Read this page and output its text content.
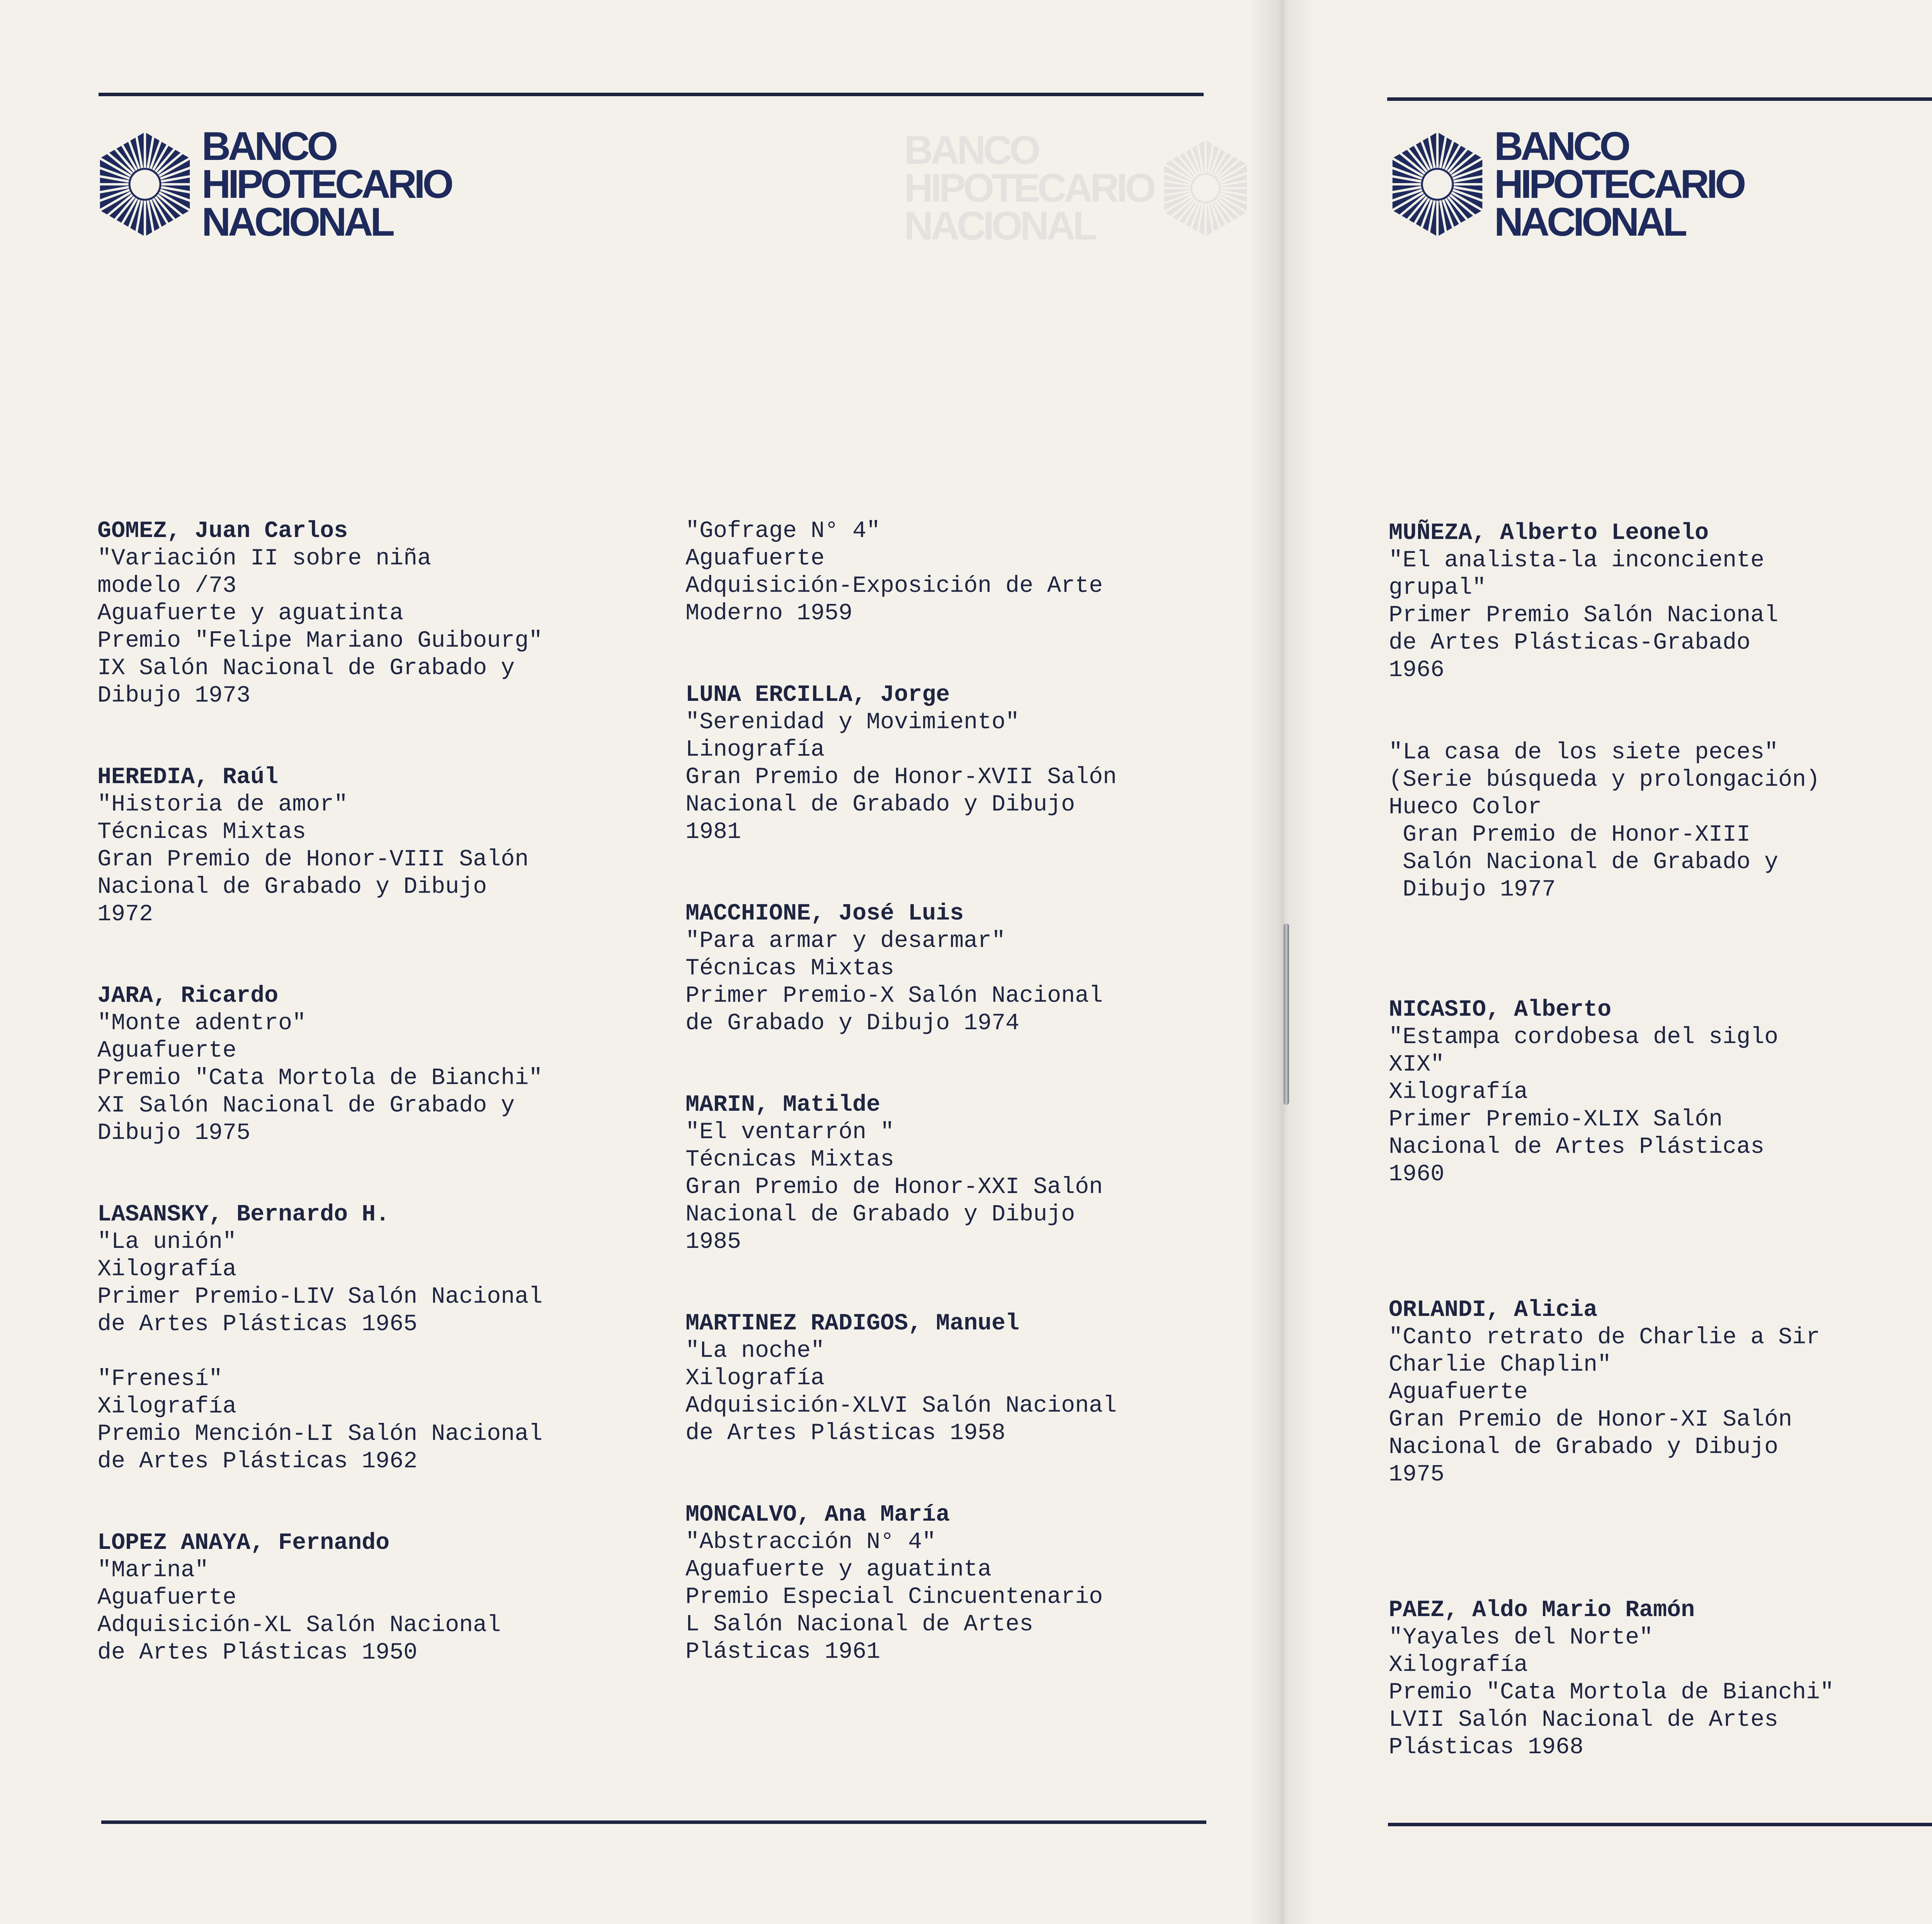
BANCO
HIPOTECARIO
NACIONAL
BANCO
HIPOTECARIO
NACIONAL
BANCO
HIPOTECARIO
NACIONAL
GOMEZ, Juan Carlos
"Variación II sobre niña
modelo /73
Aguafuerte y aguatinta
Premio "Felipe Mariano Guibourg"
IX Salón Nacional de Grabado y
Dibujo 1973
HEREDIA, Raúl
"Historia de amor"
Técnicas Mixtas
Gran Premio de Honor-VIII Salón
Nacional de Grabado y Dibujo
1972
JARA, Ricardo
"Monte adentro"
Aguafuerte
Premio "Cata Mortola de Bianchi"
XI Salón Nacional de Grabado y
Dibujo 1975
LASANSKY, Bernardo H.
"La unión"
Xilografía
Primer Premio-LIV Salón Nacional
de Artes Plásticas 1965

"Frenesí"
Xilografía
Premio Mención-LI Salón Nacional
de Artes Plásticas 1962
LOPEZ ANAYA, Fernando
"Marina"
Aguafuerte
Adquisición-XL Salón Nacional
de Artes Plásticas 1950
"Gofrage N° 4"
Aguafuerte
Adquisición-Exposición de Arte
Moderno 1959
LUNA ERCILLA, Jorge
"Serenidad y Movimiento"
Linografía
Gran Premio de Honor-XVII Salón
Nacional de Grabado y Dibujo
1981
MACCHIONE, José Luis
"Para armar y desarmar"
Técnicas Mixtas
Primer Premio-X Salón Nacional
de Grabado y Dibujo 1974
MARIN, Matilde
"El ventarrón "
Técnicas Mixtas
Gran Premio de Honor-XXI Salón
Nacional de Grabado y Dibujo
1985
MARTINEZ RADIGOS, Manuel
"La noche"
Xilografía
Adquisición-XLVI Salón Nacional
de Artes Plásticas 1958
MONCALVO, Ana María
"Abstracción N° 4"
Aguafuerte y aguatinta
Premio Especial Cincuentenario
L Salón Nacional de Artes
Plásticas 1961
MUÑEZA, Alberto Leonelo
"El analista-la inconciente
grupal"
Primer Premio Salón Nacional
de Artes Plásticas-Grabado
1966

"La casa de los siete peces"
(Serie búsqueda y prolongación)
Hueco Color
Gran Premio de Honor-XIII
Salón Nacional de Grabado y
Dibujo 1977
NICASIO, Alberto
"Estampa cordobesa del siglo
XIX"
Xilografía
Primer Premio-XLIX Salón
Nacional de Artes Plásticas
1960
ORLANDI, Alicia
"Canto retrato de Charlie a Sir
Charlie Chaplin"
Aguafuerte
Gran Premio de Honor-XI Salón
Nacional de Grabado y Dibujo
1975
PAEZ, Aldo Mario Ramón
"Yayales del Norte"
Xilografía
Premio "Cata Mortola de Bianchi"
LVII Salón Nacional de Artes
Plásticas 1968
